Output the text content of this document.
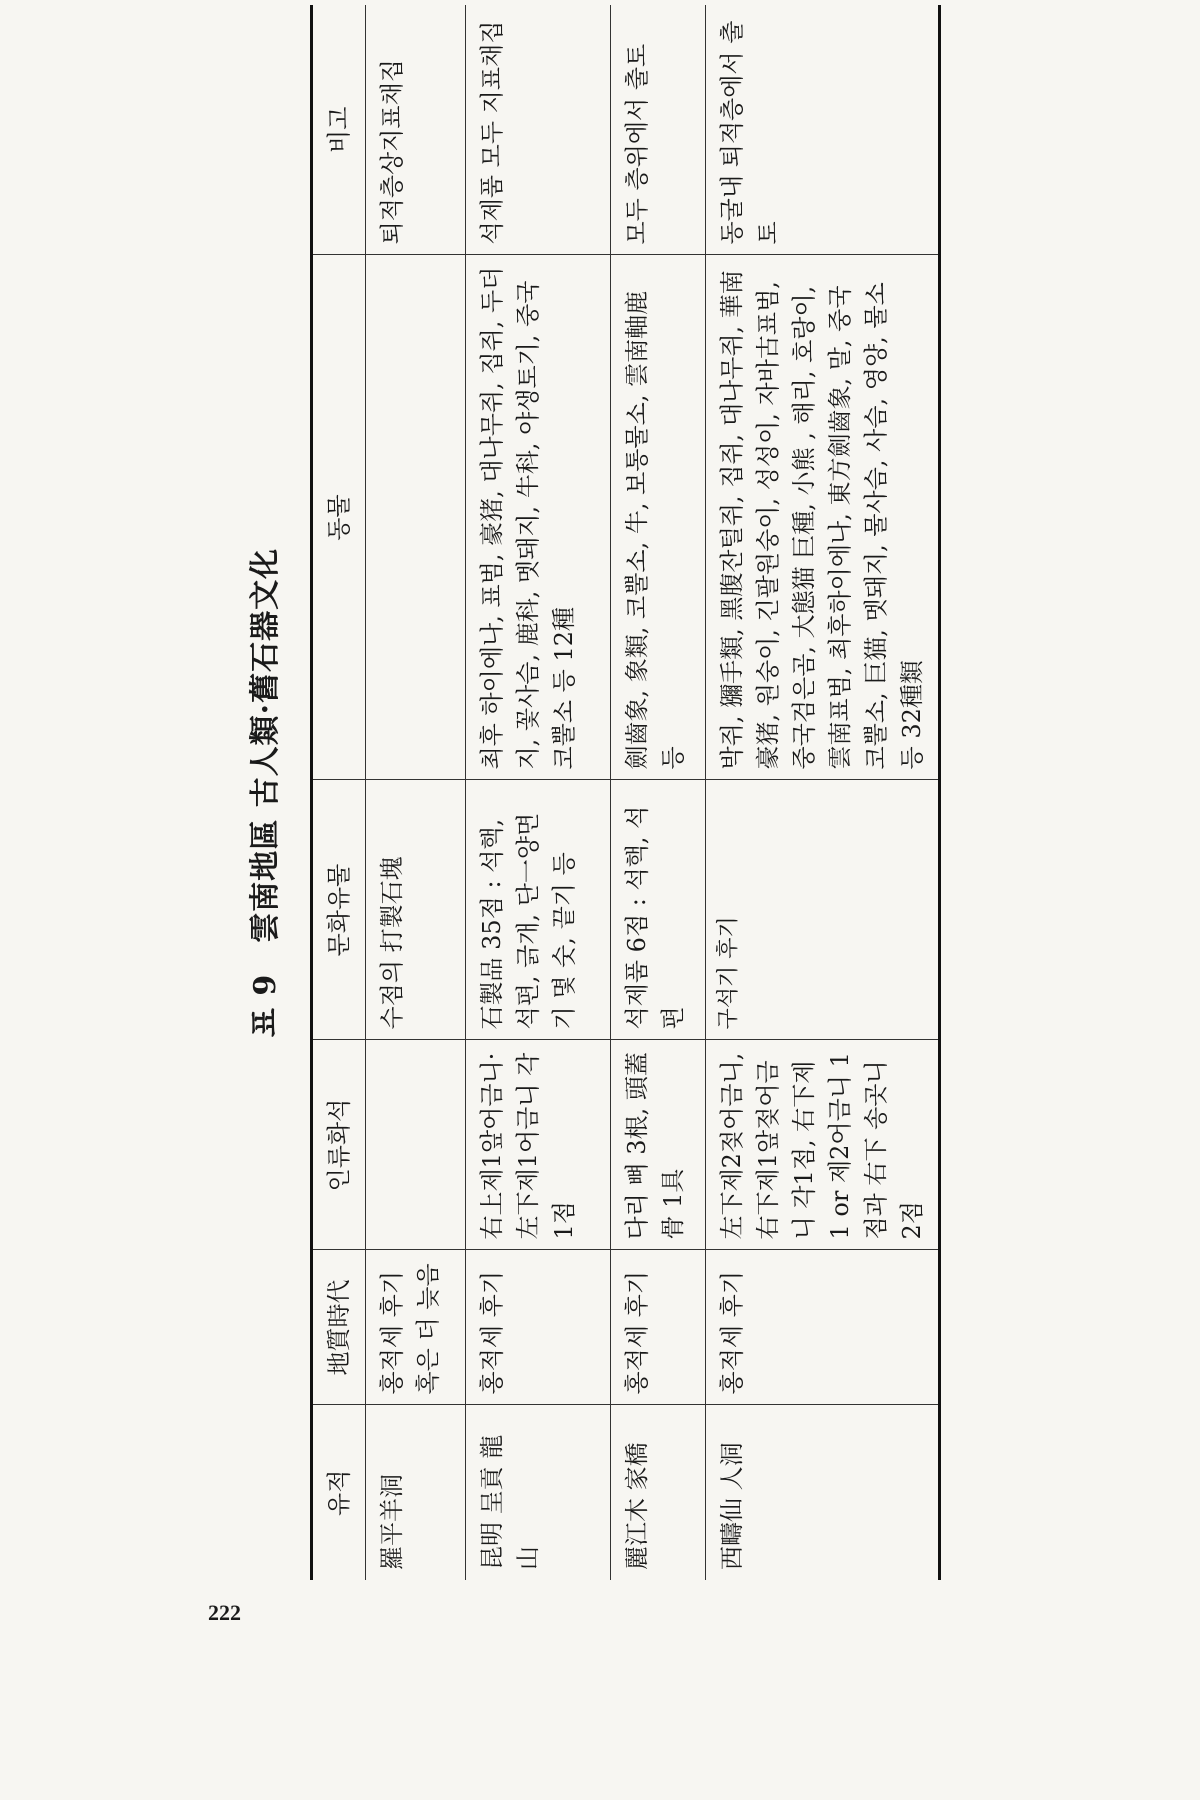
222
표 9　雲南地區 古人類·舊石器文化
유적	地質時代	인류화석	문화유물	동물	비고
羅平羊洞	홍적세 후기 혹은 더 늦음		수점의 打製石塊		퇴적층상지표채집
昆明 呈貢 龍山	홍적세 후기	右上제1앞어금니·左下제1어금니 각1점	石製品 35점 : 석핵, 석편, 긁개, 단一양면기 몇 숫, 끝기 등	최후 하이에나, 표범, 豪猪, 대나무쥐, 집쥐, 두더지, 꽃사슴, 鹿科, 멧돼지, 牛科, 야생토기, 중국코뿔소 등 12種	석제품 모두 지표채집
麗江木 家橋	홍적세 후기	다리 뼈 3根, 頭蓋骨 1具	석제품 6점 : 석핵, 석편	劍齒象, 象類, 코뿔소, 牛, 보통물소, 雲南軸鹿 등	모두 층위에서 출토
西疇仙 人洞	홍적세 후기	左下제2젖어금니, 右下제1앞젖어금니 각1점, 右下제1 or 제2어금니 1점과 右下 송곳니 2점	구석기 후기	박쥐, 獼手類, 黑腹잔털쥐, 집쥐, 대나무쥐, 華南豪猪, 원숭이, 긴팔원숭이, 성성이, 자바古표범, 중국검은곰, 大態猫 巨種, 小熊 , 해리, 호랑이, 雲南표범, 최후하이에나, 東方劍齒象, 말, 중국코뿔소, 巨猫, 멧돼지, 물사슴, 사슴, 영양, 물소 등 32種類	동굴내 퇴적층에서 출토
